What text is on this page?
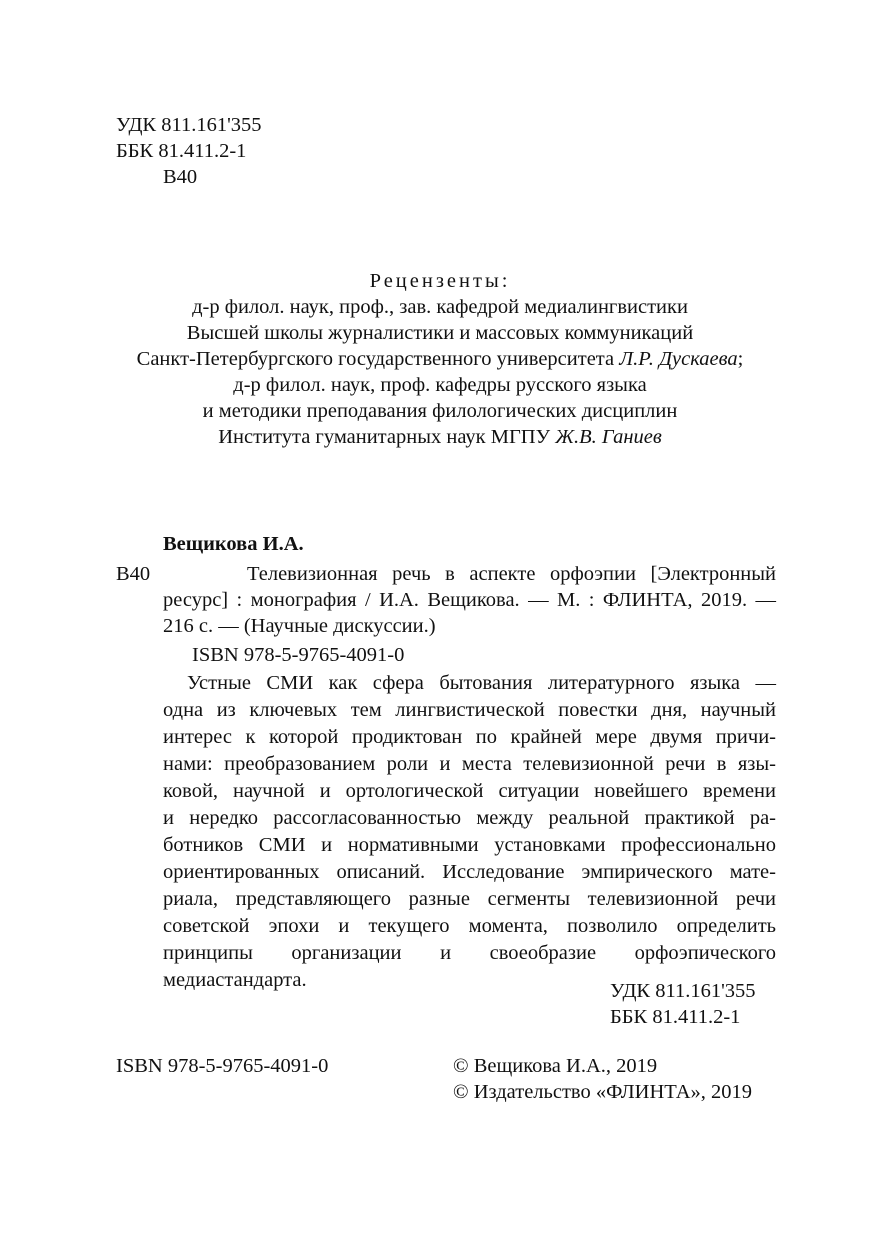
УДК 811.161'355
ББК 81.411.2-1
В40
Рецензенты:
д-р филол. наук, проф., зав. кафедрой медиалингвистики
Высшей школы журналистики и массовых коммуникаций
Санкт-Петербургского государственного университета Л.Р. Дускаева;
д-р филол. наук, проф. кафедры русского языка
и методики преподавания филологических дисциплин
Института гуманитарных наук МГПУ Ж.В. Ганиев
Вещикова И.А.
В40	Телевизионная речь в аспекте орфоэпии [Электронный
ресурс] : монография / И.А. Вещикова. — М. : ФЛИНТА, 2019. —
216 с. — (Научные дискуссии.)
ISBN 978-5-9765-4091-0
Устные СМИ как сфера бытования литературного языка —
одна из ключевых тем лингвистической повестки дня, научный
интерес к которой продиктован по крайней мере двумя причи-
нами: преобразованием роли и места телевизионной речи в язы-
ковой, научной и ортологической ситуации новейшего времени
и нередко рассогласованностью между реальной практикой ра-
ботников СМИ и нормативными установками профессионально
ориентированных описаний. Исследование эмпирического мате-
риала, представляющего разные сегменты телевизионной речи
советской эпохи и текущего момента, позволило определить
принципы организации и своеобразие орфоэпического
медиастандарта.	УДК 811.161'355
ББК 81.411.2-1
ISBN 978-5-9765-4091-0	© Вещикова И.А., 2019
© Издательство «ФЛИНТА», 2019
